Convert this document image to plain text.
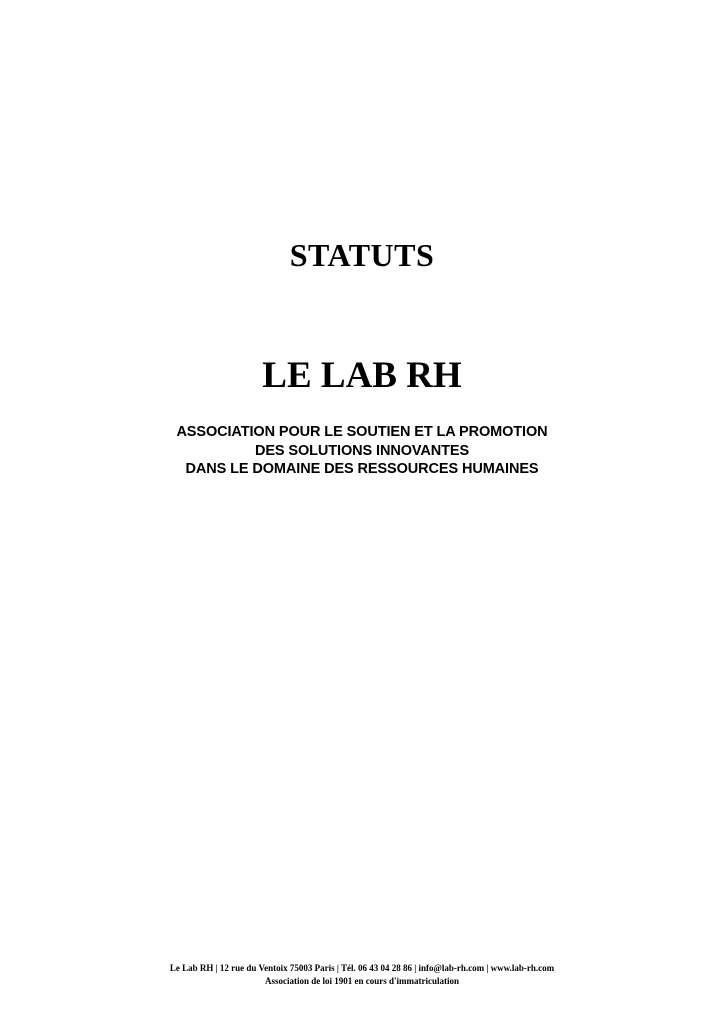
STATUTS
LE LAB RH
ASSOCIATION POUR LE SOUTIEN ET LA PROMOTION
DES SOLUTIONS INNOVANTES
DANS LE DOMAINE DES RESSOURCES HUMAINES
Le Lab RH | 12 rue du Ventoix 75003 Paris | Tél. 06 43 04 28 86 | info@lab-rh.com | www.lab-rh.com
Association de loi 1901 en cours d'immatriculation
